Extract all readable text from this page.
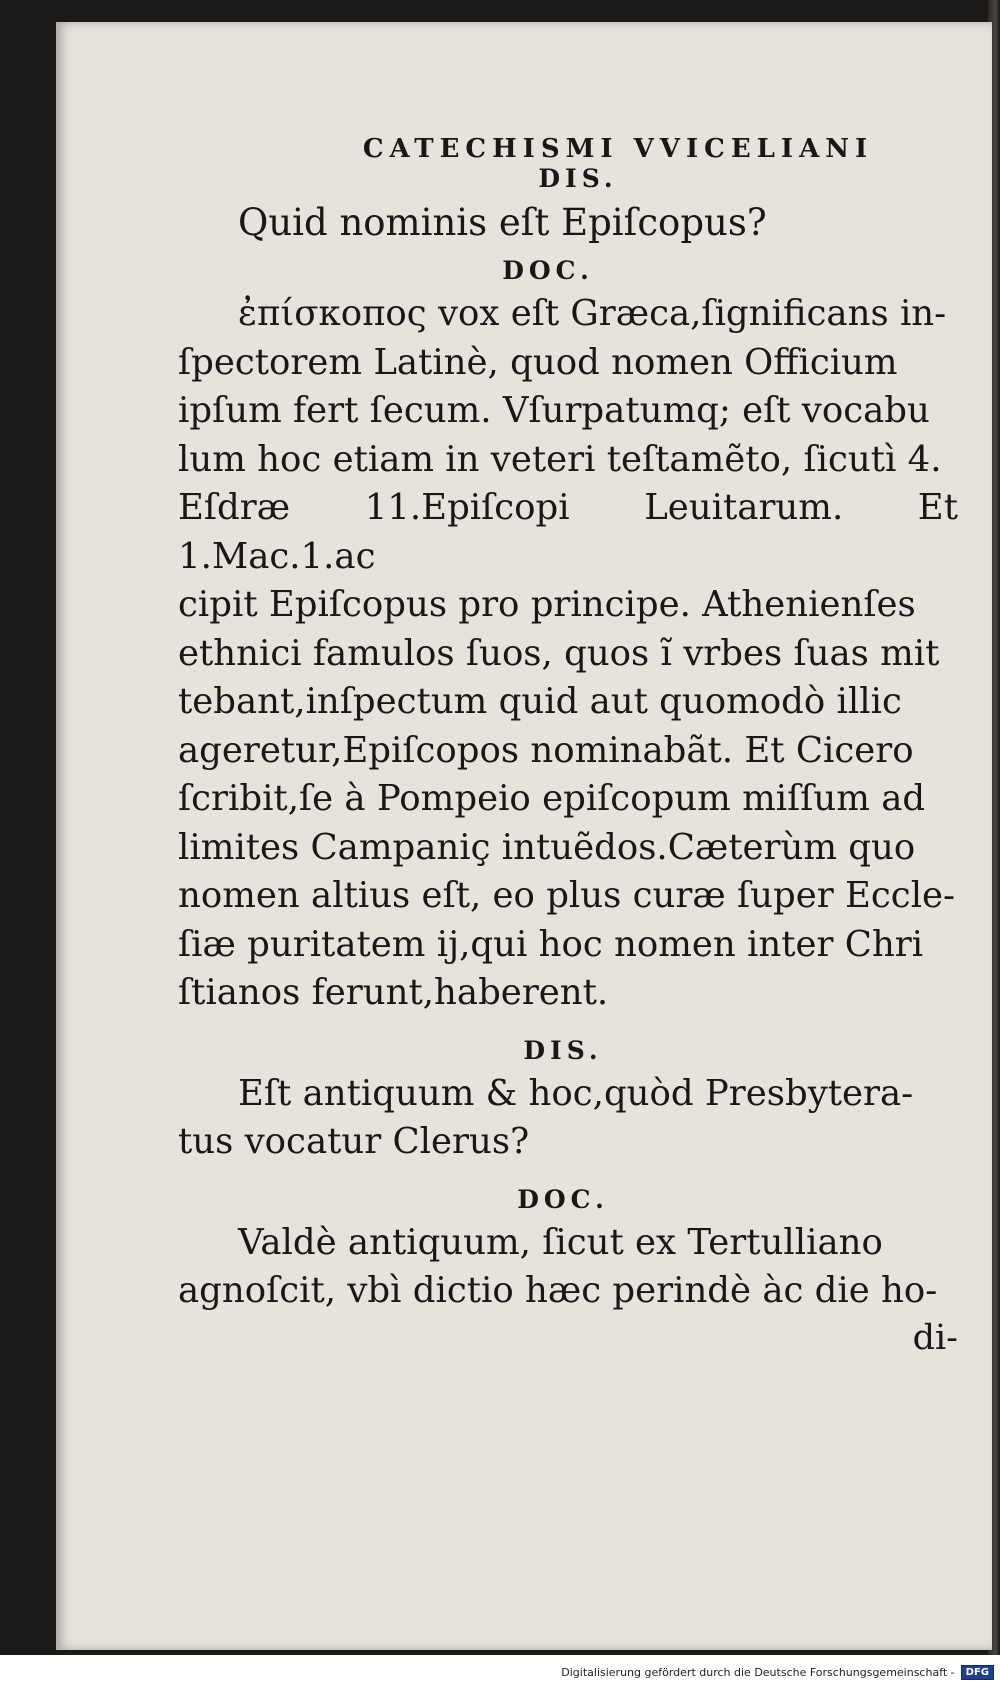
CATECHISMI VVICELIANI
DIS.
Quid nominis eſt Epiſcopus?
DOC.
ἐπίσκοπος vox eſt Græca,ſignificans in-
ſpectorem Latinè, quod nomen Officium
ipſum fert ſecum. Vſurpatumq; eſt vocabu
lum hoc etiam in veteri teſtamẽto, ſicutì 4.
Eſdræ 11.Epiſcopi Leuitarum. Et 1.Mac.1.ac
cipit Epiſcopus pro principe. Athenienſes
ethnici famulos ſuos, quos ĩ vrbes ſuas mit
tebant,inſpectum quid aut quomodò illic
ageretur,Epiſcopos nominabãt. Et Cicero
ſcribit,ſe à Pompeio epiſcopum miſſum ad
limites Campaniç intuẽdos.Cæterùm quo
nomen altius eſt, eo plus curæ ſuper Eccle-
ſiæ puritatem ij,qui hoc nomen inter Chri
ſtianos ferunt,haberent.
DIS.
Eſt antiquum & hoc,quòd Presbytera-
tus vocatur Clerus?
DOC.
Valdè antiquum, ſicut ex Tertulliano
agnoſcit, vbì dictio hæc perindè àc die ho-
di-
Digitalisierung gefördert durch die Deutsche Forschungsgemeinschaft -	DFG
